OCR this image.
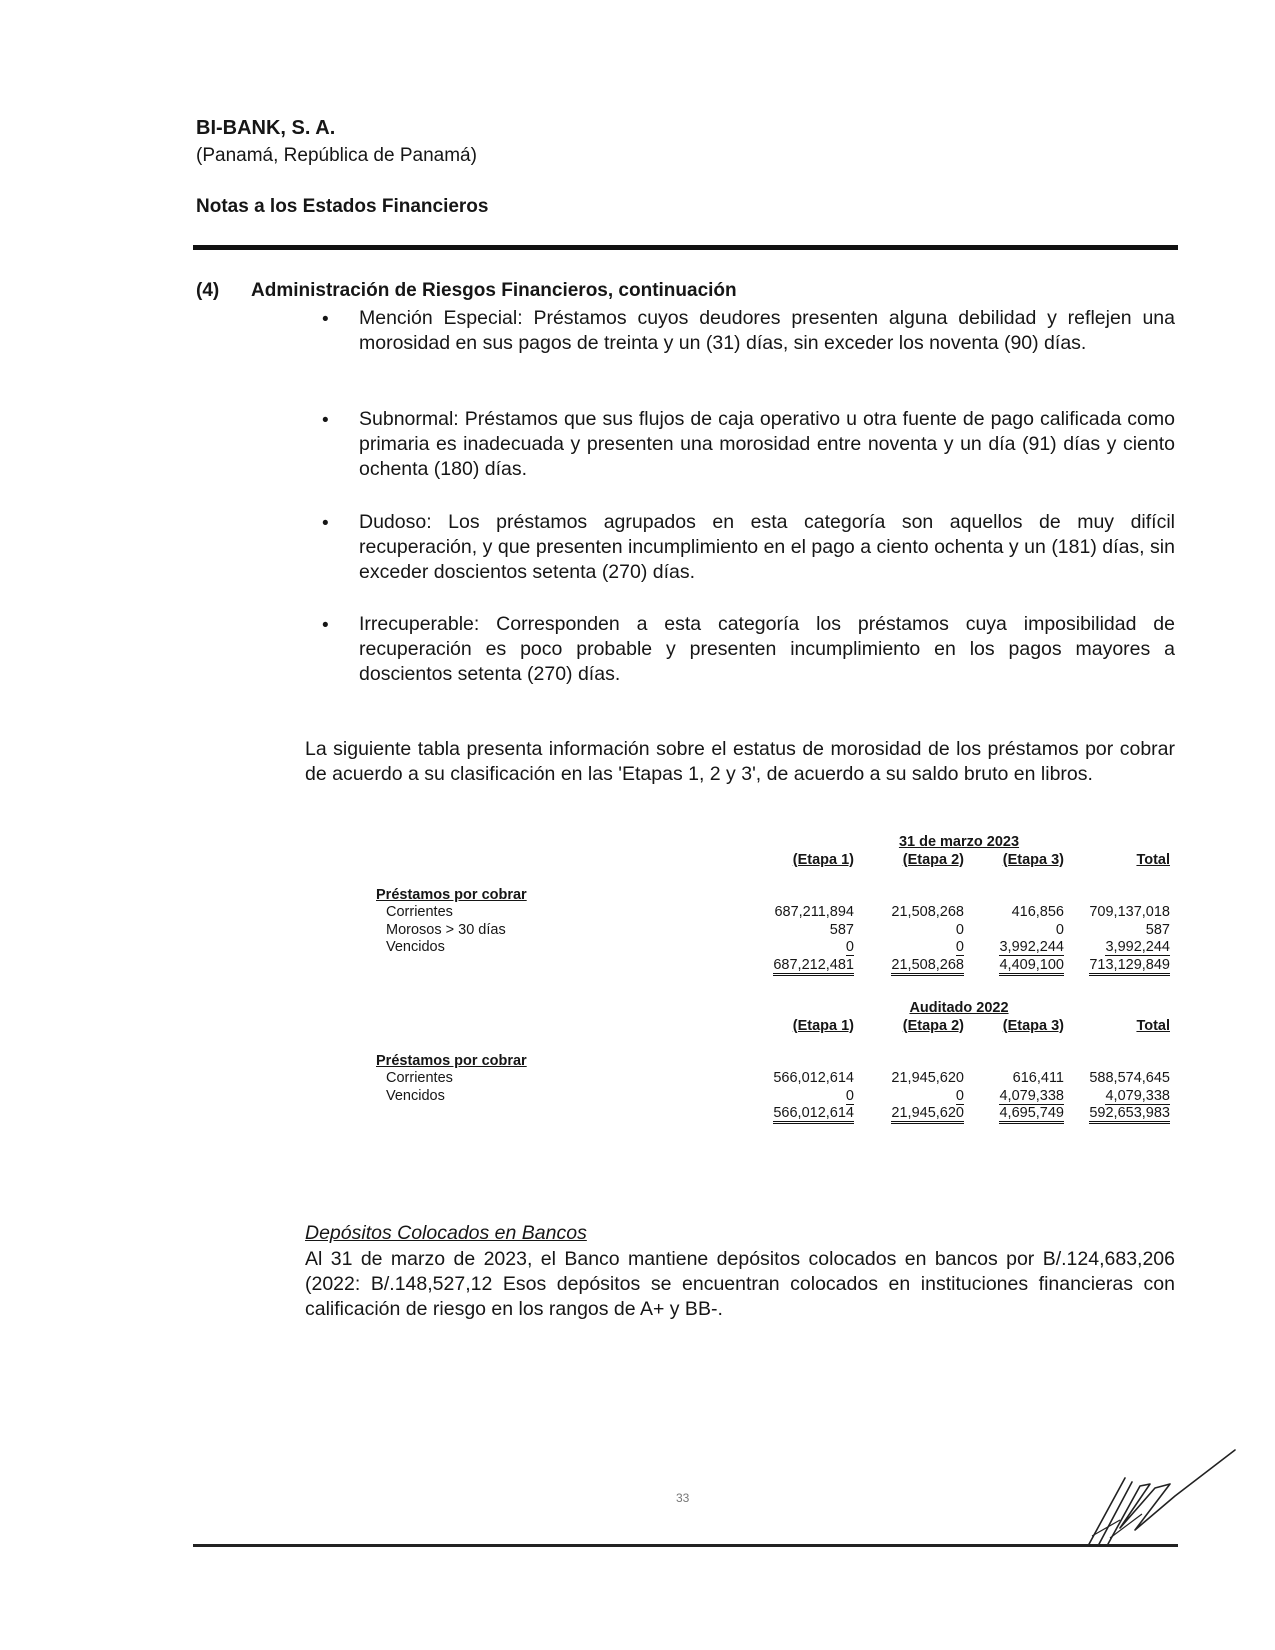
BI-BANK, S. A.
(Panamá, República de Panamá)
Notas a los Estados Financieros
(4) Administración de Riesgos Financieros, continuación
• Mención Especial: Préstamos cuyos deudores presenten alguna debilidad y reflejen una morosidad en sus pagos de treinta y un (31) días, sin exceder los noventa (90) días.
• Subnormal: Préstamos que sus flujos de caja operativo u otra fuente de pago calificada como primaria es inadecuada y presenten una morosidad entre noventa y un día (91) días y ciento ochenta (180) días.
• Dudoso: Los préstamos agrupados en esta categoría son aquellos de muy difícil recuperación, y que presenten incumplimiento en el pago a ciento ochenta y un (181) días, sin exceder doscientos setenta (270) días.
• Irrecuperable: Corresponden a esta categoría los préstamos cuya imposibilidad de recuperación es poco probable y presenten incumplimiento en los pagos mayores a doscientos setenta (270) días.
La siguiente tabla presenta información sobre el estatus de morosidad de los préstamos por cobrar de acuerdo a su clasificación en las 'Etapas 1, 2 y 3', de acuerdo a su saldo bruto en libros.
		31 de marzo 2023		
	(Etapa 1)	(Etapa 2)	(Etapa 3)	Total

Préstamos por cobrar				
Corrientes	687,211,894	21,508,268	416,856	709,137,018
Morosos > 30 días	587	0	0	587
Vencidos	0	0	3,992,244	3,992,244
	687,212,481	21,508,268	4,409,100	713,129,849
		Auditado 2022		
	(Etapa 1)	(Etapa 2)	(Etapa 3)	Total

Préstamos por cobrar				
Corrientes	566,012,614	21,945,620	616,411	588,574,645
Vencidos	0	0	4,079,338	4,079,338
	566,012,614	21,945,620	4,695,749	592,653,983
Depósitos Colocados en Bancos
Al 31 de marzo de 2023, el Banco mantiene depósitos colocados en bancos por B/.124,683,206 (2022: B/.148,527,12 Esos depósitos se encuentran colocados en instituciones financieras con calificación de riesgo en los rangos de A+ y BB-.
33
